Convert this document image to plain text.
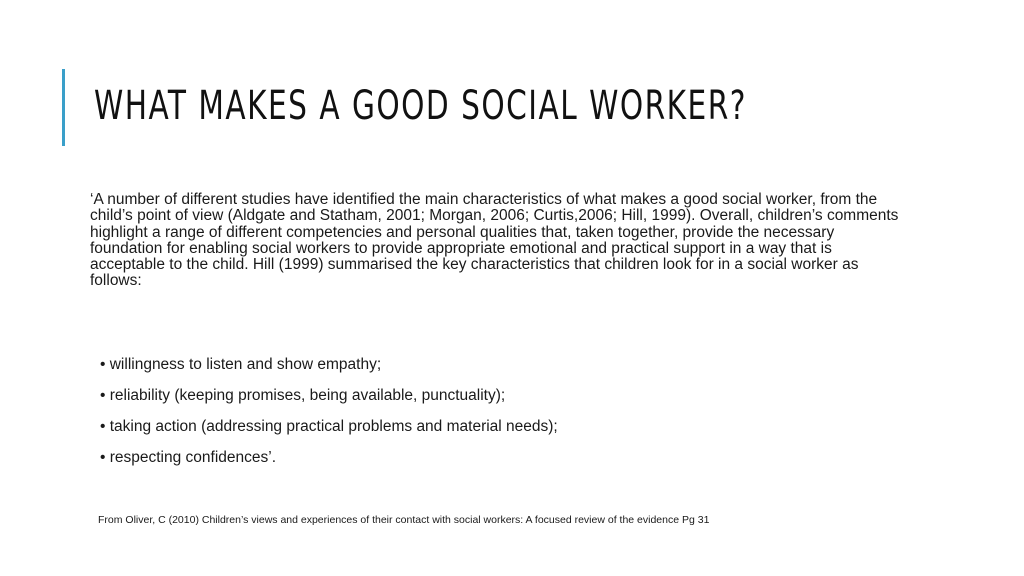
WHAT MAKES A GOOD SOCIAL WORKER?

‘A number of different studies have identified the main characteristics of what makes a good social worker, from the child’s point of view (Aldgate and Statham, 2001; Morgan, 2006; Curtis,2006; Hill, 1999). Overall, children’s comments highlight a range of different competencies and personal qualities that, taken together, provide the necessary foundation for enabling social workers to provide appropriate emotional and practical support in a way that is acceptable to the child. Hill (1999) summarised the key characteristics that children look for in a social worker as follows:

• willingness to listen and show empathy;
• reliability (keeping promises, being available, punctuality);
• taking action (addressing practical problems and material needs);
• respecting confidences’.

From Oliver, C (2010) Children’s views and experiences of their contact with social workers: A focused review of the evidence Pg 31
